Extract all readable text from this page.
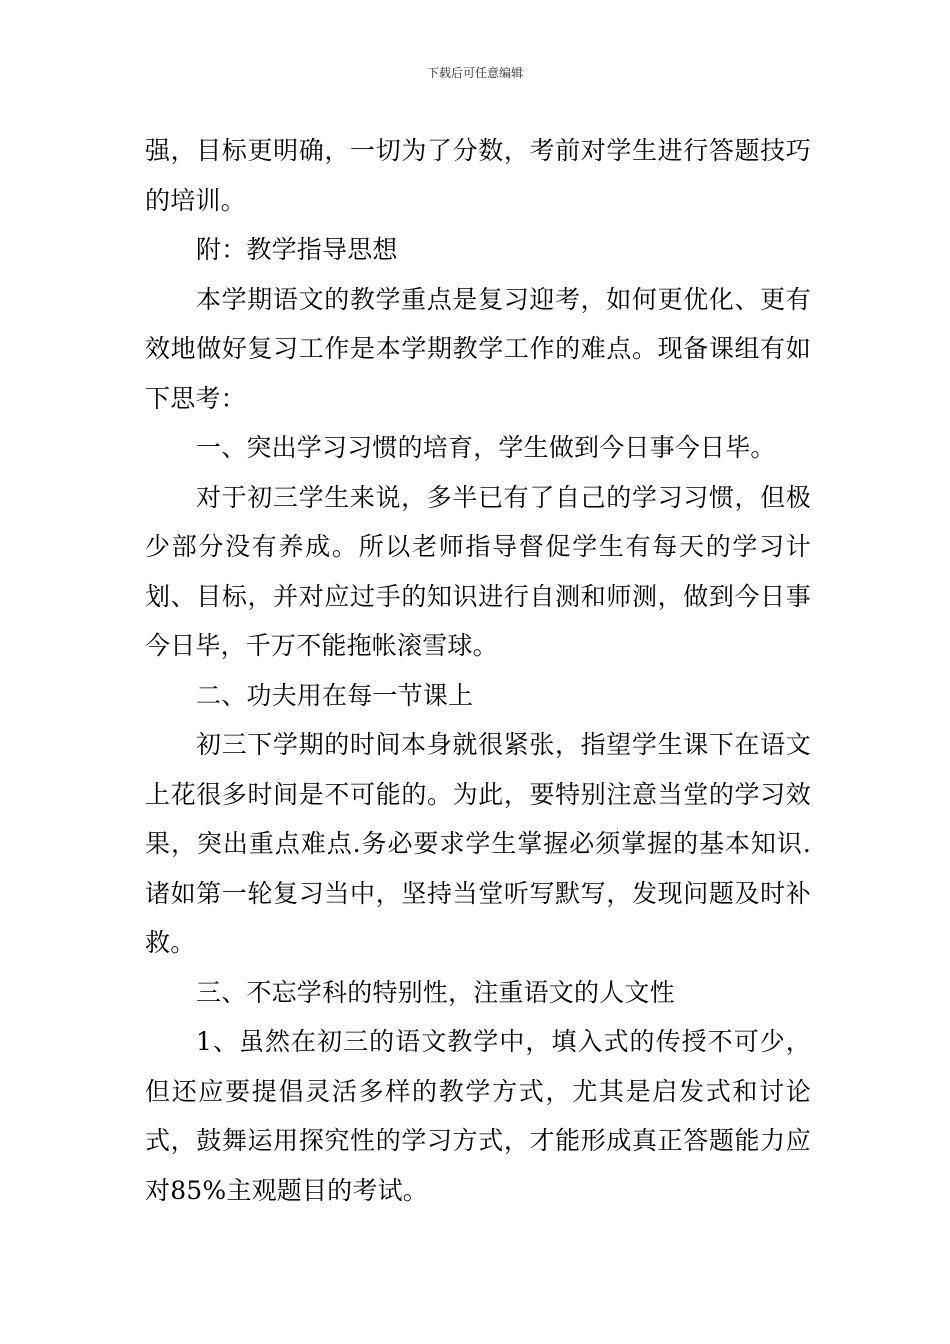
下载后可任意编辑

强，目标更明确，一切为了分数，考前对学生进行答题技巧的培训。

附：教学指导思想

本学期语文的教学重点是复习迎考，如何更优化、更有效地做好复习工作是本学期教学工作的难点。现备课组有如下思考：

一、突出学习习惯的培育，学生做到今日事今日毕。

对于初三学生来说，多半已有了自己的学习习惯，但极少部分没有养成。所以老师指导督促学生有每天的学习计划、目标，并对应过手的知识进行自测和师测，做到今日事今日毕，千万不能拖帐滚雪球。

二、功夫用在每一节课上

初三下学期的时间本身就很紧张，指望学生课下在语文上花很多时间是不可能的。为此，要特别注意当堂的学习效果，突出重点难点.务必要求学生掌握必须掌握的基本知识.诸如第一轮复习当中，坚持当堂听写默写，发现问题及时补救。

三、不忘学科的特别性，注重语文的人文性

1、虽然在初三的语文教学中，填入式的传授不可少，但还应要提倡灵活多样的教学方式，尤其是启发式和讨论式，鼓舞运用探究性的学习方式，才能形成真正答题能力应对85%主观题目的考试。
